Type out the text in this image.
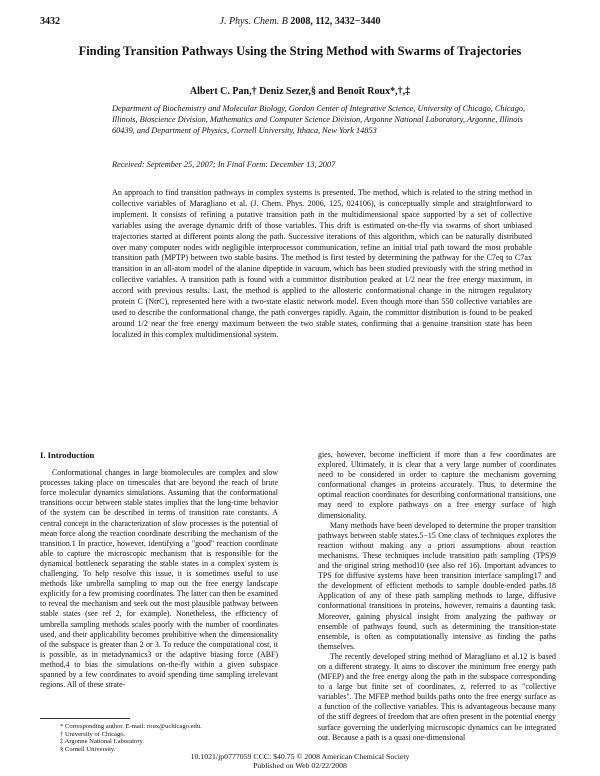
3432	J. Phys. Chem. B 2008, 112, 3432−3440
Finding Transition Pathways Using the String Method with Swarms of Trajectories
Albert C. Pan,† Deniz Sezer,§ and Benoît Roux*,†,‡
Department of Biochemistry and Molecular Biology, Gordon Center of Integrative Science, University of Chicago, Chicago, Illinois, Bioscience Division, Mathematics and Computer Science Division, Argonne National Laboratory, Argonne, Illinois 60439, and Department of Physics, Cornell University, Ithaca, New York 14853
Received: September 25, 2007; In Final Form: December 13, 2007

An approach to find transition pathways in complex systems is presented. The method, which is related to the string method in collective variables of Maragliano et al. (J. Chem. Phys. 2006, 125, 024106), is conceptually simple and straightforward to implement. It consists of refining a putative transition path in the multidimensional space supported by a set of collective variables using the average dynamic drift of those variables. This drift is estimated on-the-fly via swarms of short unbiased trajectories started at different points along the path. Successive iterations of this algorithm, which can be naturally distributed over many computer nodes with negligible interprocessor communication, refine an initial trial path toward the most probable transition path (MPTP) between two stable basins. The method is first tested by determining the pathway for the C7eq to C7ax transition in an all-atom model of the alanine dipeptide in vacuum, which has been studied previously with the string method in collective variables. A transition path is found with a committor distribution peaked at 1/2 near the free energy maximum, in accord with previous results. Last, the method is applied to the allosteric conformational change in the nitrogen regulatory protein C (NtrC), represented here with a two-state elastic network model. Even though more than 550 collective variables are used to describe the conformational change, the path converges rapidly. Again, the committor distribution is found to be peaked around 1/2 near the free energy maximum between the two stable states, confirming that a genuine transition state has been localized in this complex multidimensional system.

I. Introduction

Conformational changes in large biomolecules are complex and slow processes taking place on timescales that are beyond the reach of brute force molecular dynamics simulations. Assuming that the conformational transitions occur between stable states implies that the long-time behavior of the system can be described in terms of transition rate constants. A central concept in the characterization of slow processes is the potential of mean force along the reaction coordinate describing the mechanism of the transition.1 In practice, however, identifying a "good" reaction coordinate able to capture the microscopic mechanism that is responsible for the dynamical bottleneck separating the stable states in a complex system is challenging. To help resolve this issue, it is sometimes useful to use methods like umbrella sampling to map out the free energy landscape explicitly for a few promising coordinates. The latter can then be examined to reveal the mechanism and seek out the most plausible pathway between stable states (see ref 2, for example). Nonetheless, the efficiency of umbrella sampling methods scales poorly with the number of coordinates used, and their applicability becomes prohibitive when the dimensionality of the subspace is greater than 2 or 3. To reduce the computational cost, it is possible, as in metadynamics3 or the adaptive biasing force (ABF) method,4 to bias the simulations on-the-fly within a given subspace spanned by a few coordinates to avoid spending time sampling irrelevant regions. All of these strate-

gies, however, become inefficient if more than a few coordinates are explored. Ultimately, it is clear that a very large number of coordinates need to be considered in order to capture the mechanism governing conformational changes in proteins accurately. Thus, to determine the optimal reaction coordinates for describing conformational transitions, one may need to explore pathways on a free energy surface of high dimensionality.

Many methods have been developed to determine the proper transition pathways between stable states.5−15 One class of techniques explores the reaction without making any a priori assumptions about reaction mechanisms. These techniques include transition path sampling (TPS)9 and the original string method10 (see also ref 16). Important advances to TPS for diffusive systems have been transition interface sampling17 and the development of efficient methods to sample double-ended paths.18 Application of any of these path sampling methods to large, diffusive conformational transitions in proteins, however, remains a daunting task. Moreover, gaining physical insight from analyzing the pathway or ensemble of pathways found, such as determining the transition-state ensemble, is often as computationally intensive as finding the paths themselves.

The recently developed string method of Maragliano et al.12 is based on a different strategy. It aims to discover the minimum free energy path (MFEP) and the free energy along the path in the subspace corresponding to a large but finite set of coordinates, z, referred to as "collective variables". The MFEP method builds paths onto the free energy surface as a function of the collective variables. This is advantageous because many of the stiff degrees of freedom that are often present in the potential energy surface governing the underlying microscopic dynamics can be integrated out. Because a path is a quasi one-dimensional

* Corresponding author. E-mail: roux@uchicago.edu.
† University of Chicago.
‡ Argonne National Laboratory.
§ Cornell University.
10.1021/jp0777059 CCC: $40.75 © 2008 American Chemical Society
Published on Web 02/22/2008
